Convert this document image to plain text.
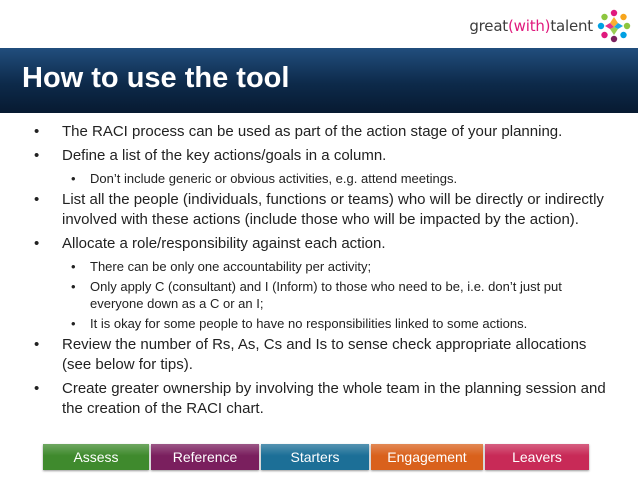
great(with)talent
How to use the tool
• The RACI process can be used as part of the action stage of your planning.
• Define a list of the key actions/goals in a column.
• Don’t include generic or obvious activities, e.g. attend meetings.
• List all the people (individuals, functions or teams) who will be directly or indirectly involved with these actions (include those who will be impacted by the action).
• Allocate a role/responsibility against each action.
• There can be only one accountability per activity;
• Only apply C (consultant) and I (Inform) to those who need to be, i.e. don’t just put everyone down as a C or an I;
• It is okay for some people to have no responsibilities linked to some actions.
• Review the number of Rs, As, Cs and Is to sense check appropriate allocations (see below for tips).
• Create greater ownership by involving the whole team in the planning session and the creation of the RACI chart.
Assess	Reference	Starters	Engagement	Leavers
